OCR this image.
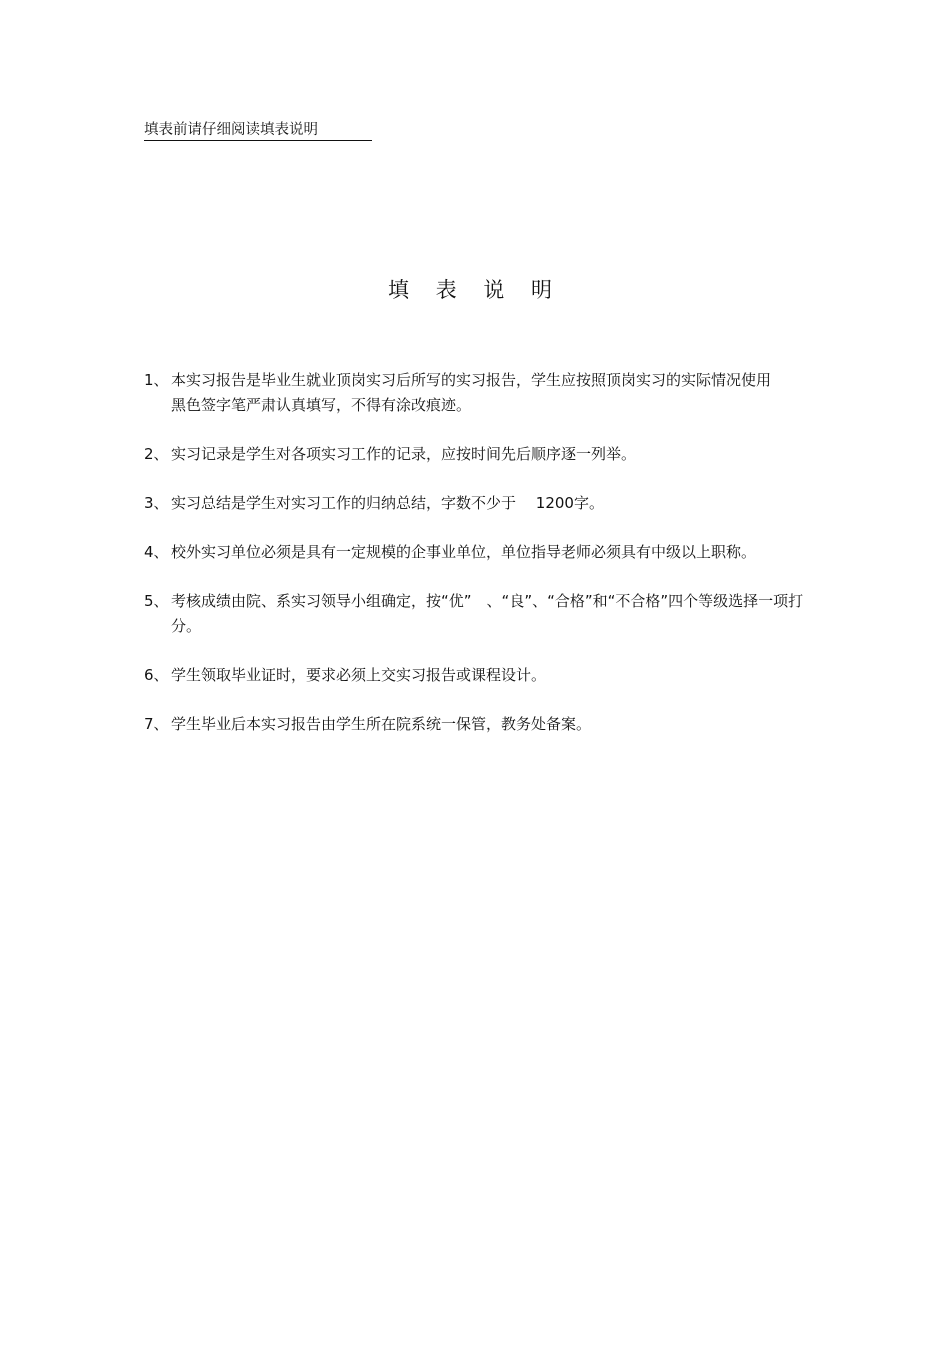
填表前请仔细阅读填表说明
填 表 说 明
1、 本实习报告是毕业生就业顶岗实习后所写的实习报告，学生应按照顶岗实习的实际情况使用黑色签字笔严肃认真填写，不得有涂改痕迹。
2、 实习记录是学生对各项实习工作的记录，应按时间先后顺序逐一列举。
3、 实习总结是学生对实习工作的归纳总结，字数不少于　 1200字。
4、 校外实习单位必须是具有一定规模的企事业单位，单位指导老师必须具有中级以上职称。
5、 考核成绩由院、系实习领导小组确定，按“优”　、“良”、“合格”和“不合格”四个等级选择一项打分。
6、 学生领取毕业证时，要求必须上交实习报告或课程设计。
7、 学生毕业后本实习报告由学生所在院系统一保管，教务处备案。
